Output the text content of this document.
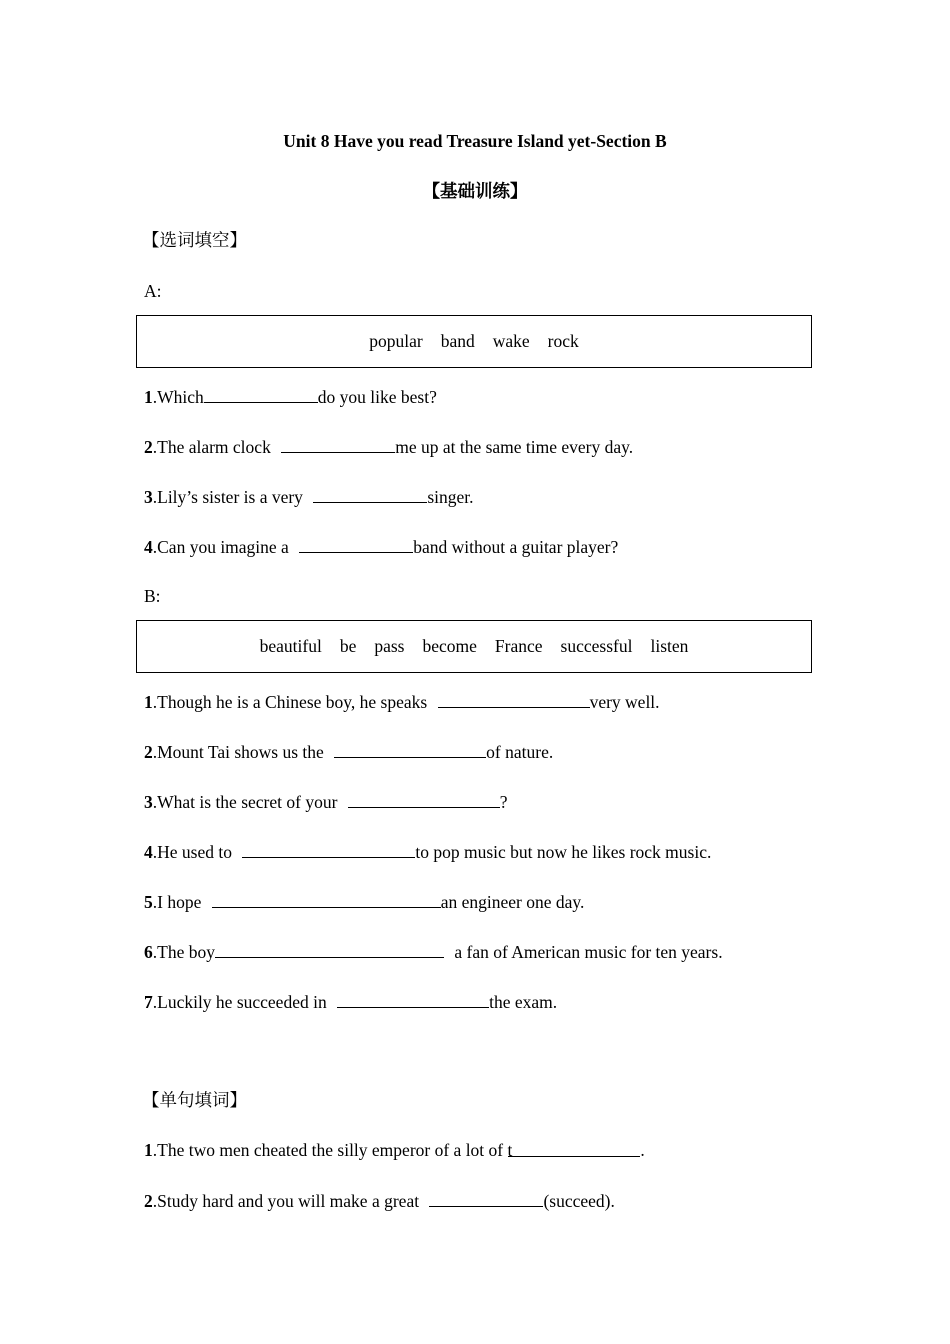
Unit 8 Have you read Treasure Island yet-Section B
【基础训练】
【选词填空】
A:
popular band wake rock
1.Which	do you like best?
2.The alarm clock	me up at the same time every day.
3.Lily’s sister is a very	singer.
4.Can you imagine a	band without a guitar player?
B:
beautiful be pass become France successful listen
1.Though he is a Chinese boy, he speaks	very well.
2.Mount Tai shows us the	of nature.
3.What is the secret of your	?
4.He used to	to pop music but now he likes rock music.
5.I hope	an engineer one day.
6.The boy	a fan of American music for ten years.
7.Luckily he succeeded in	the exam.
【单句填词】
1.The two men cheated the silly emperor of a lot of t	.
2.Study hard and you will make a great	(succeed).
